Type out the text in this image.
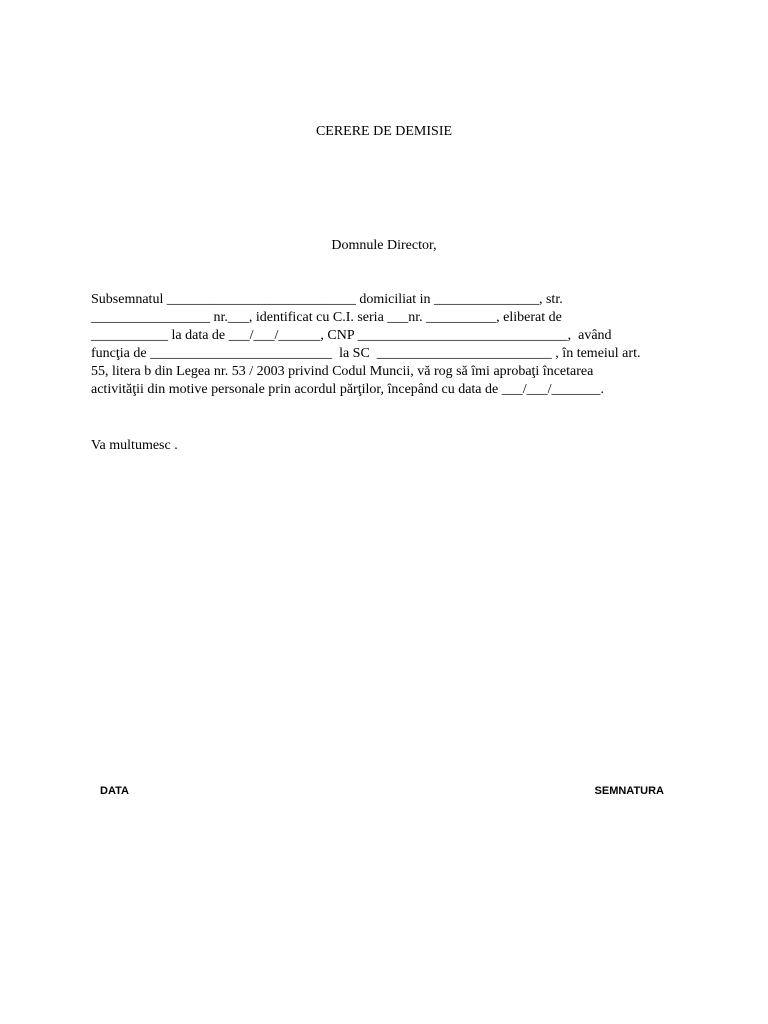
CERERE DE DEMISIE
Domnule Director,
Subsemnatul ___________________________ domiciliat in _______________, str.
_________________ nr.___, identificat cu C.I. seria ___nr. __________, eliberat de
___________ la data de ___/___/______, CNP ______________________________,  având
funcţia de __________________________  la SC  _________________________ , în temeiul art.
55, litera b din Legea nr. 53 / 2003 privind Codul Muncii, vă rog să îmi aprobaţi încetarea
activităţii din motive personale prin acordul părţilor, începând cu data de ___/___/_______.
Va multumesc .
DATA	SEMNATURA
